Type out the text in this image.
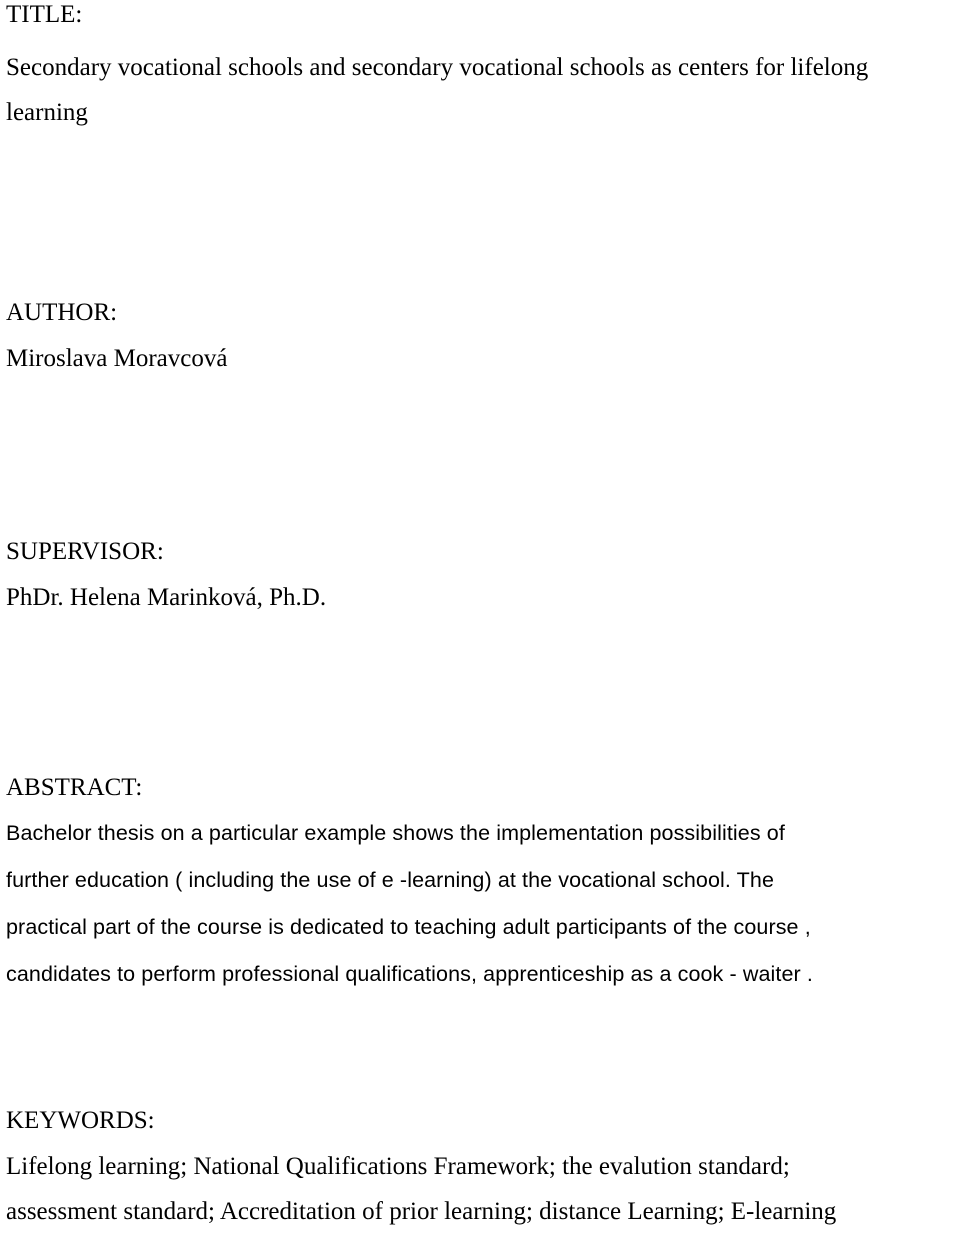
TITLE:
Secondary vocational schools and secondary vocational schools as centers for lifelong
learning
AUTHOR:
Miroslava Moravcová
SUPERVISOR:
PhDr. Helena Marinková, Ph.D.
ABSTRACT:
Bachelor thesis on a particular example shows the implementation possibilities of
further education ( including the use of e -learning) at the vocational school. The
practical part of the course is dedicated to teaching adult participants of the course ,
candidates to perform professional qualifications, apprenticeship as a cook - waiter .
KEYWORDS:
Lifelong learning; National Qualifications Framework; the evalution standard;
assessment standard; Accreditation of prior learning; distance Learning; E-learning
